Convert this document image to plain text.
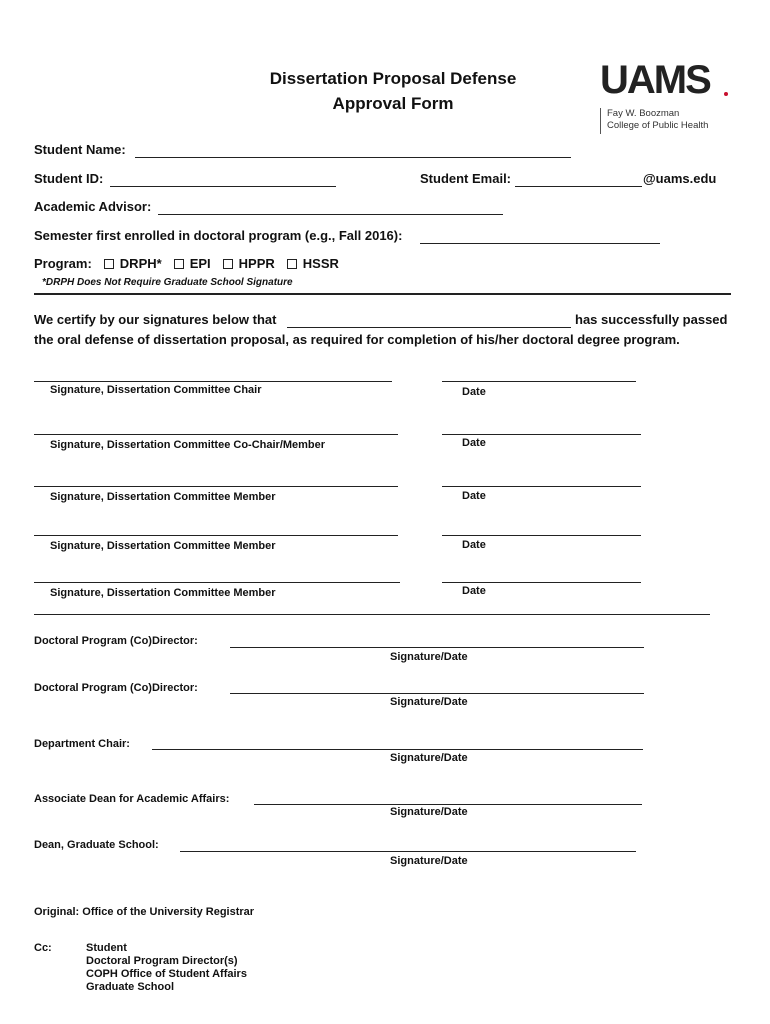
Dissertation Proposal Defense
Approval Form
UAMS
Fay W. Boozman
College of Public Health
Student Name:
Student ID:	Student Email:	@uams.edu
Academic Advisor:
Semester first enrolled in doctoral program (e.g., Fall 2016):
Program: DRPH* EPI HPPR HSSR
*DRPH Does Not Require Graduate School Signature
We certify by our signatures below that	has successfully passed
the oral defense of dissertation proposal, as required for completion of his/her doctoral degree program.
Signature, Dissertation Committee Chair	Date
Signature, Dissertation Committee Co-Chair/Member	Date
Signature, Dissertation Committee Member	Date
Signature, Dissertation Committee Member	Date
Signature, Dissertation Committee Member	Date
Doctoral Program (Co)Director:
Signature/Date
Doctoral Program (Co)Director:
Signature/Date
Department Chair:
Signature/Date
Associate Dean for Academic Affairs:
Signature/Date
Dean, Graduate School:
Signature/Date
Original: Office of the University Registrar
Cc:	Student
Doctoral Program Director(s)
COPH Office of Student Affairs
Graduate School
